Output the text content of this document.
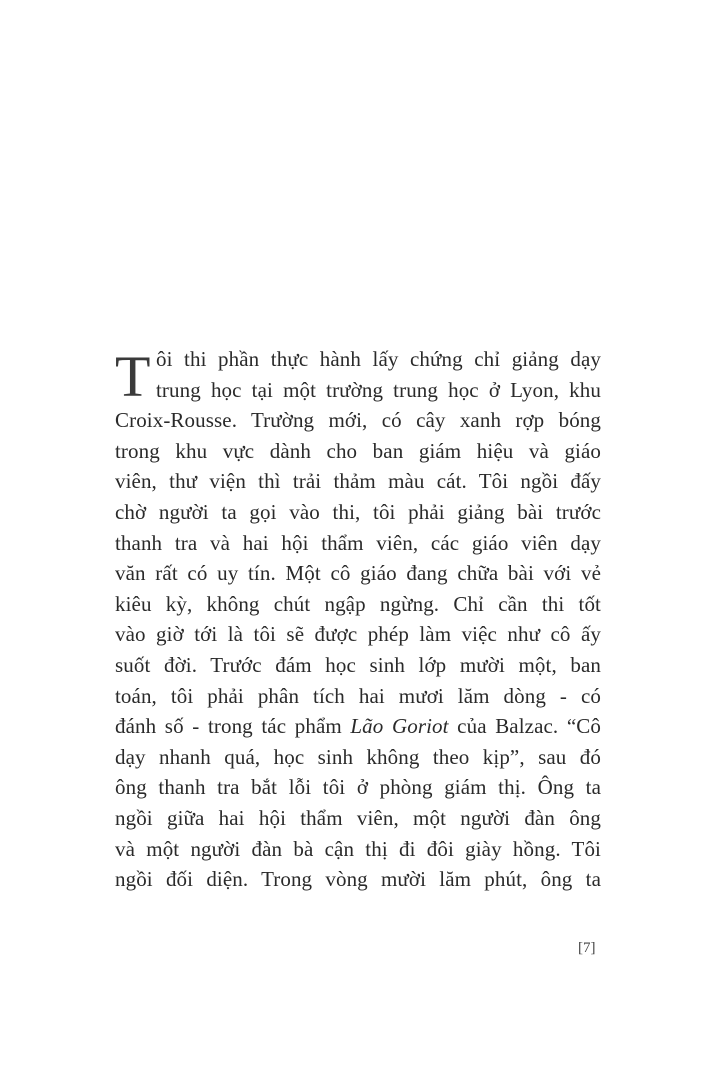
T ôi thi phần thực hành lấy chứng chỉ giảng dạy
trung học tại một trường trung học ở Lyon, khu
Croix-Rousse. Trường mới, có cây xanh rợp bóng
trong khu vực dành cho ban giám hiệu và giáo
viên, thư viện thì trải thảm màu cát. Tôi ngồi đấy
chờ người ta gọi vào thi, tôi phải giảng bài trước
thanh tra và hai hội thẩm viên, các giáo viên dạy
văn rất có uy tín. Một cô giáo đang chữa bài với vẻ
kiêu kỳ, không chút ngập ngừng. Chỉ cần thi tốt
vào giờ tới là tôi sẽ được phép làm việc như cô ấy
suốt đời. Trước đám học sinh lớp mười một, ban
toán, tôi phải phân tích hai mươi lăm dòng - có
đánh số - trong tác phẩm Lão Goriot của Balzac. “Cô
dạy nhanh quá, học sinh không theo kịp”, sau đó
ông thanh tra bắt lỗi tôi ở phòng giám thị. Ông ta
ngồi giữa hai hội thẩm viên, một người đàn ông
và một người đàn bà cận thị đi đôi giày hồng. Tôi
ngồi đối diện. Trong vòng mười lăm phút, ông ta
[7]
